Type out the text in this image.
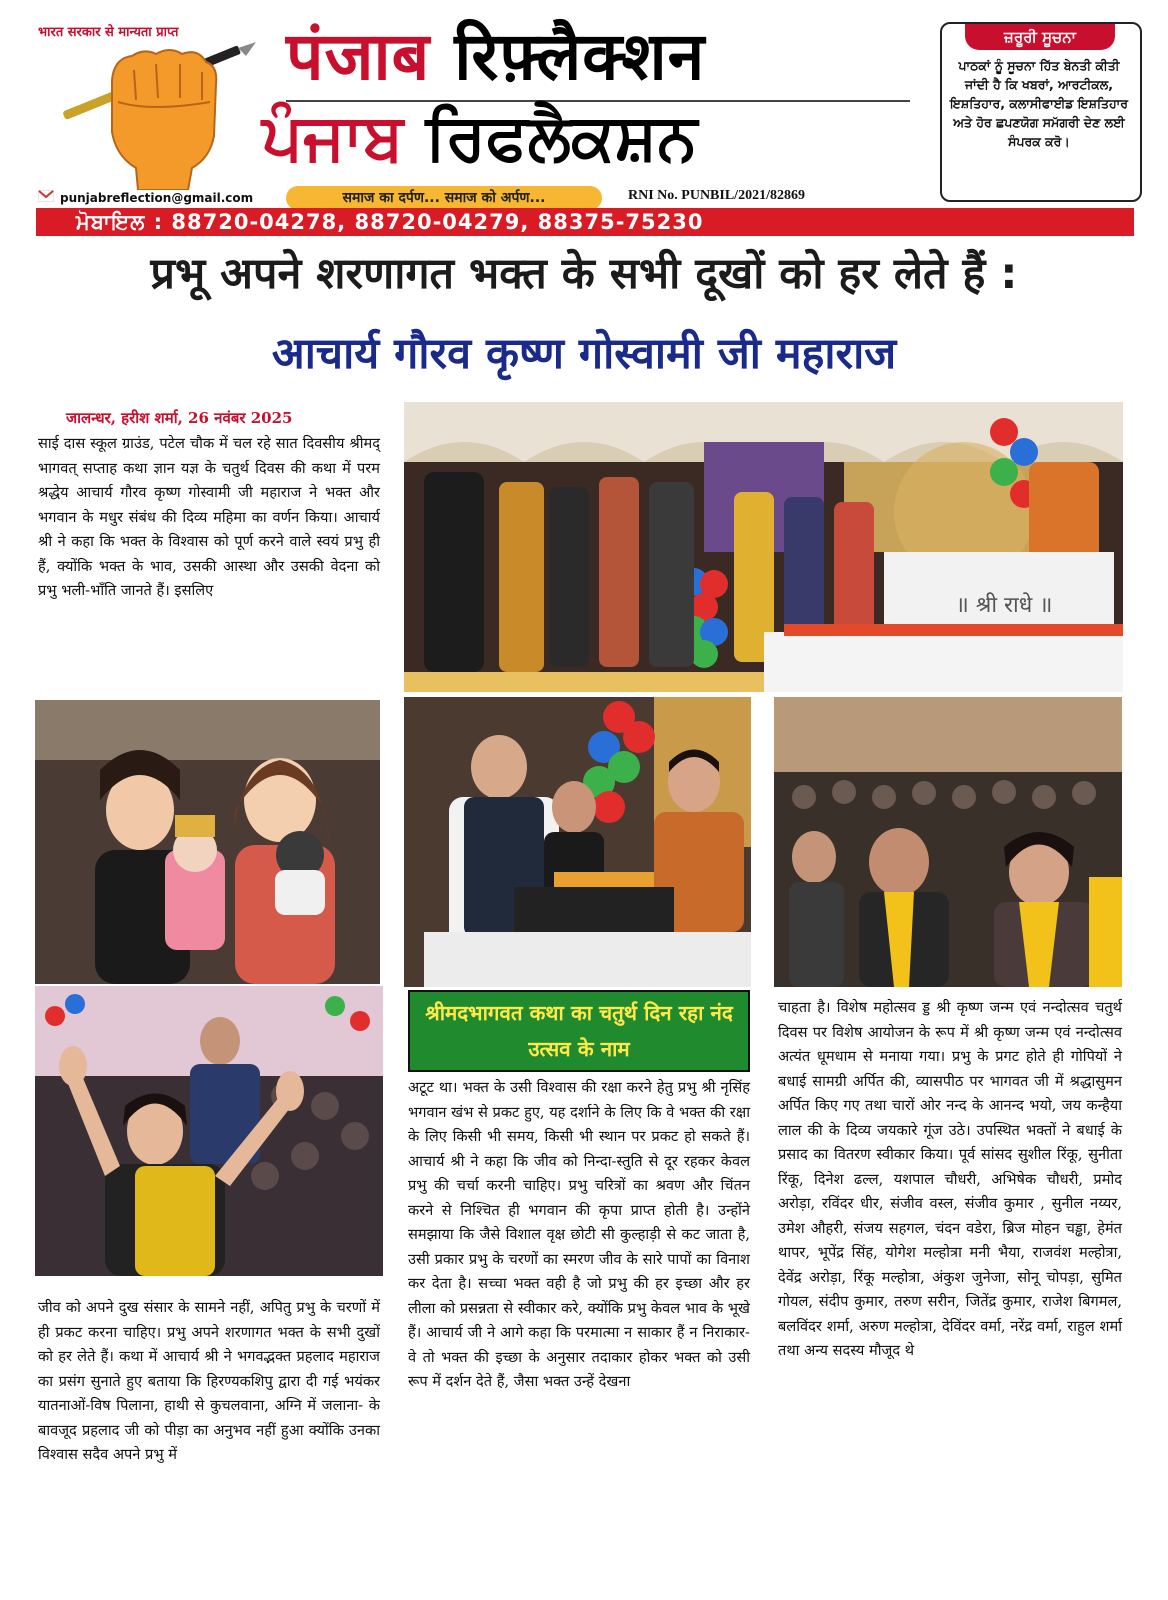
भारत सरकार से मान्यता प्राप्त पंजाब रिफ़्लैक्शन
ਪੰਜਾਬ ਰਿਫਲੈਕਸ਼ਨ
punjabreflection@gmail.com	समाज का दर्पण... समाज को अर्पण...	RNI No. PUNBIL/2021/82869
ਜ਼ਰੂਰੀ ਸੂਚਨਾ
ਪਾਠਕਾਂ ਨੂੰ ਸੂਚਨਾ ਹਿੱਤ ਬੇਨਤੀ ਕੀਤੀ ਜਾਂਦੀ ਹੈ ਕਿ ਖਬਰਾਂ, ਆਰਟੀਕਲ, ਇਸ਼ਤਿਹਾਰ, ਕਲਾਸੀਫਾਈਡ ਇਸ਼ਤਿਹਾਰ ਅਤੇ ਹੋਰ ਛਪਣਯੋਗ ਸਮੱਗਰੀ ਦੇਣ ਲਈ ਸੰਪਰਕ ਕਰੋ।
ਮੋਬਾਇਲ : 88720-04278, 88720-04279, 88375-75230
प्रभू अपने शरणागत भक्त के सभी दूखों को हर लेते हैं :
आचार्य गौरव कृष्ण गोस्वामी जी महाराज
जालन्धर, हरीश शर्मा, 26 नवंबर 2025
साई दास स्कूल ग्राउंड, पटेल चौक में चल रहे सात दिवसीय श्रीमद् भागवत् सप्ताह कथा ज्ञान यज्ञ के चतुर्थ दिवस की कथा में परम श्रद्धेय आचार्य गौरव कृष्ण गोस्वामी जी महाराज ने भक्त और भगवान के मधुर संबंध की दिव्य महिमा का वर्णन किया। आचार्य श्री ने कहा कि भक्त के विश्वास को पूर्ण करने वाले स्वयं प्रभु ही हैं, क्योंकि भक्त के भाव, उसकी आस्था और उसकी वेदना को प्रभु भली-भाँति जानते हैं। इसलिए
॥ श्री राधे ॥
जीव को अपने दुख संसार के सामने नहीं, अपितु प्रभु के चरणों में ही प्रकट करना चाहिए। प्रभु अपने शरणागत भक्त के सभी दुखों को हर लेते हैं। कथा में आचार्य श्री ने भगवद्भक्त प्रहलाद महाराज का प्रसंग सुनाते हुए बताया कि हिरण्यकशिपु द्वारा दी गई भयंकर यातनाओं-विष पिलाना, हाथी से कुचलवाना, अग्नि में जलाना- के बावजूद प्रहलाद जी को पीड़ा का अनुभव नहीं हुआ क्योंकि उनका विश्वास सदैव अपने प्रभु में
श्रीमदभागवत कथा का चतुर्थ दिन रहा नंद उत्सव के नाम
अटूट था। भक्त के उसी विश्वास की रक्षा करने हेतु प्रभु श्री नृसिंह भगवान खंभ से प्रकट हुए, यह दर्शाने के लिए कि वे भक्त की रक्षा के लिए किसी भी समय, किसी भी स्थान पर प्रकट हो सकते हैं। आचार्य श्री ने कहा कि जीव को निन्दा-स्तुति से दूर रहकर केवल प्रभु की चर्चा करनी चाहिए। प्रभु चरित्रों का श्रवण और चिंतन करने से निश्चित ही भगवान की कृपा प्राप्त होती है। उन्होंने समझाया कि जैसे विशाल वृक्ष छोटी सी कुल्हाड़ी से कट जाता है, उसी प्रकार प्रभु के चरणों का स्मरण जीव के सारे पापों का विनाश कर देता है। सच्चा भक्त वही है जो प्रभु की हर इच्छा और हर लीला को प्रसन्नता से स्वीकार करे, क्योंकि प्रभु केवल भाव के भूखे हैं। आचार्य जी ने आगे कहा कि परमात्मा न साकार हैं न निराकार-वे तो भक्त की इच्छा के अनुसार तदाकार होकर भक्त को उसी रूप में दर्शन देते हैं, जैसा भक्त उन्हें देखना
चाहता है। विशेष महोत्सव ड्ड श्री कृष्ण जन्म एवं नन्दोत्सव चतुर्थ दिवस पर विशेष आयोजन के रूप में श्री कृष्ण जन्म एवं नन्दोत्सव अत्यंत धूमधाम से मनाया गया। प्रभु के प्रगट होते ही गोपियों ने बधाई सामग्री अर्पित की, व्यासपीठ पर भागवत जी में श्रद्धासुमन अर्पित किए गए तथा चारों ओर नन्द के आनन्द भयो, जय कन्हैया लाल की के दिव्य जयकारे गूंज उठे। उपस्थित भक्तों ने बधाई के प्रसाद का वितरण स्वीकार किया। पूर्व सांसद सुशील रिंकू, सुनीता रिंकू, दिनेश ढल्ल, यशपाल चौधरी, अभिषेक चौधरी, प्रमोद अरोड़ा, रविंदर धीर, संजीव वस्ल, संजीव कुमार , सुनील नय्यर, उमेश औहरी, संजय सहगल, चंदन वडेरा, ब्रिज मोहन चड्ढा, हेमंत थापर, भूपेंद्र सिंह, योगेश मल्होत्रा मनी भैया, राजवंश मल्होत्रा, देवेंद्र अरोड़ा, रिंकू मल्होत्रा, अंकुश जुनेजा, सोनू चोपड़ा, सुमित गोयल, संदीप कुमार, तरुण सरीन, जितेंद्र कुमार, राजेश बिगमल, बलविंदर शर्मा, अरुण मल्होत्रा, देविंदर वर्मा, नरेंद्र वर्मा, राहुल शर्मा तथा अन्य सदस्य मौजूद थे
